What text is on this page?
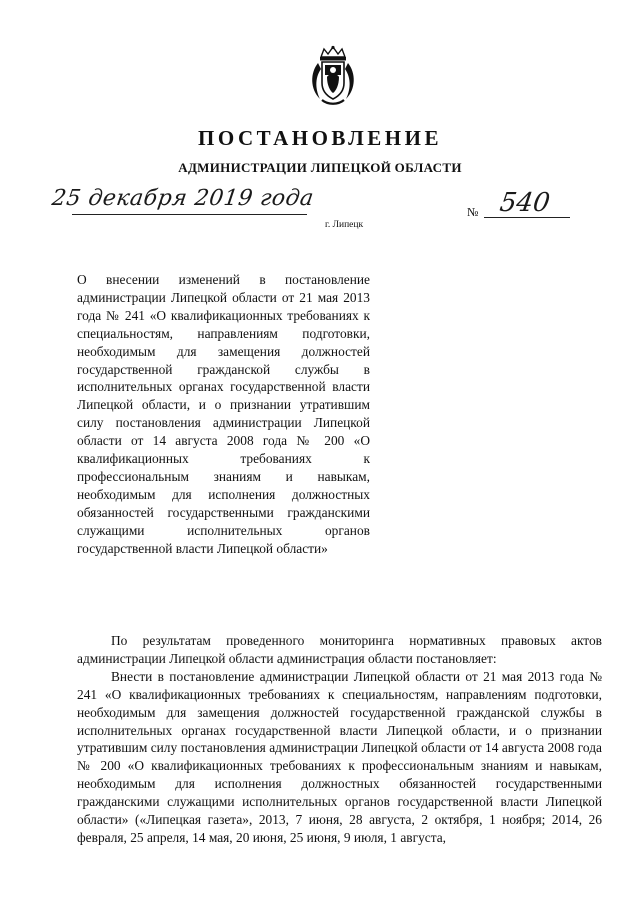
ПОСТАНОВЛЕНИЕ
АДМИНИСТРАЦИИ ЛИПЕЦКОЙ ОБЛАСТИ
25 декабря 2019 года
г. Липецк
№ 540

О внесении изменений в постановление администрации Липецкой области от 21 мая 2013 года № 241 «О квалификационных требованиях к специальностям, направлениям подготовки, необходимым для замещения должностей государственной гражданской службы в исполнительных органах государственной власти Липецкой области, и о признании утратившим силу постановления администрации Липецкой области от 14 августа 2008 года № 200 «О квалификационных требованиях к профессиональным знаниям и навыкам, необходимым для исполнения должностных обязанностей государственными гражданскими служащими исполнительных органов государственной власти Липецкой области»

По результатам проведенного мониторинга нормативных правовых актов администрации Липецкой области администрация области постановляет:

Внести в постановление администрации Липецкой области от 21 мая 2013 года № 241 «О квалификационных требованиях к специальностям, направлениям подготовки, необходимым для замещения должностей государственной гражданской службы в исполнительных органах государственной власти Липецкой области, и о признании утратившим силу постановления администрации Липецкой области от 14 августа 2008 года № 200 «О квалификационных требованиях к профессиональным знаниям и навыкам, необходимым для исполнения должностных обязанностей государственными гражданскими служащими исполнительных органов государственной власти Липецкой области» («Липецкая газета», 2013, 7 июня, 28 августа, 2 октября, 1 ноября; 2014, 26 февраля, 25 апреля, 14 мая, 20 июня, 25 июня, 9 июля, 1 августа,
